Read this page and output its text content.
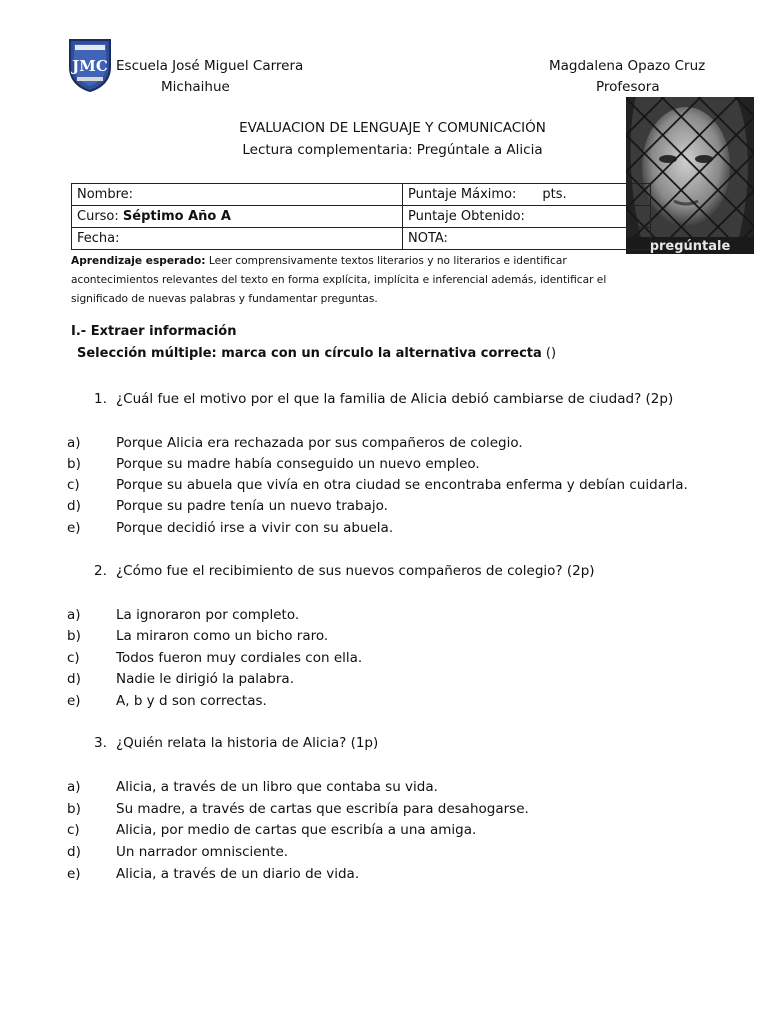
JMC Escuela José Miguel Carrera
Michaihue
Magdalena Opazo Cruz
Profesora
EVALUACION DE LENGUAJE Y COMUNICACIÓN
Lectura complementaria: Pregúntale a Alicia
pregúntale
Nombre:	Puntaje Máximo: pts.
Curso: Séptimo Año A	Puntaje Obtenido:
Fecha:	NOTA:
Aprendizaje esperado: Leer comprensivamente textos literarios y no literarios e identificar
acontecimientos relevantes del texto en forma explícita, implícita e inferencial además, identificar el
significado de nuevas palabras y fundamentar preguntas.
I.- Extraer información
Selección múltiple: marca con un círculo la alternativa correcta ()
1. ¿Cuál fue el motivo por el que la familia de Alicia debió cambiarse de ciudad? (2p)
a)	Porque Alicia era rechazada por sus compañeros de colegio.
b)	Porque su madre había conseguido un nuevo empleo.
c)	Porque su abuela que vivía en otra ciudad se encontraba enferma y debían cuidarla.
d)	Porque su padre tenía un nuevo trabajo.
e)	Porque decidió irse a vivir con su abuela.
2. ¿Cómo fue el recibimiento de sus nuevos compañeros de colegio? (2p)
a)	La ignoraron por completo.
b)	La miraron como un bicho raro.
c)	Todos fueron muy cordiales con ella.
d)	Nadie le dirigió la palabra.
e)	A, b y d son correctas.
3. ¿Quién relata la historia de Alicia? (1p)
a)	Alicia, a través de un libro que contaba su vida.
b)	Su madre, a través de cartas que escribía para desahogarse.
c)	Alicia, por medio de cartas que escribía a una amiga.
d)	Un narrador omnisciente.
e)	Alicia, a través de un diario de vida.
